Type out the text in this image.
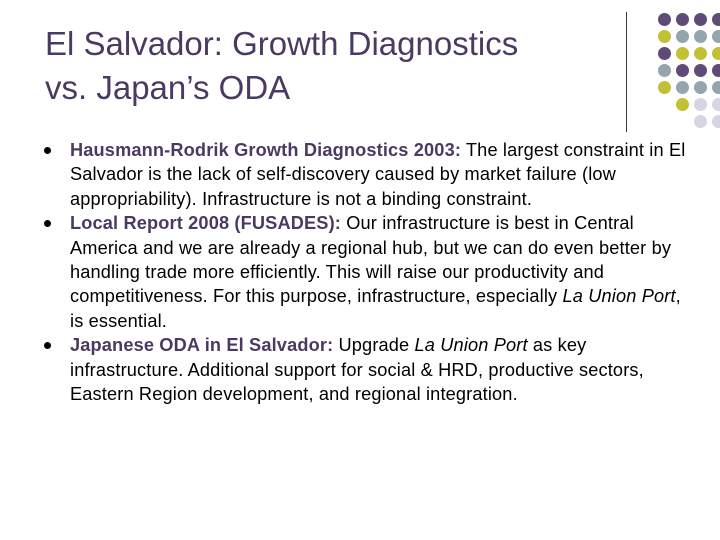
El Salvador: Growth Diagnostics
vs. Japan’s ODA
Hausmann-Rodrik Growth Diagnostics 2003: The largest constraint in El Salvador is the lack of self-discovery caused by market failure (low appropriability). Infrastructure is not a binding constraint.
Local Report 2008 (FUSADES): Our infrastructure is best in Central America and we are already a regional hub, but we can do even better by handling trade more efficiently. This will raise our productivity and competitiveness. For this purpose, infrastructure, especially La Union Port, is essential.
Japanese ODA in El Salvador: Upgrade La Union Port as key infrastructure. Additional support for social & HRD, productive sectors, Eastern Region development, and regional integration.
